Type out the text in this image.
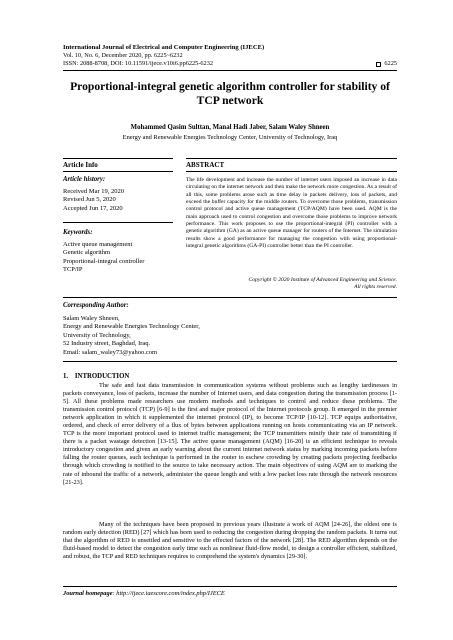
International Journal of Electrical and Computer Engineering (IJECE)
Vol. 10, No. 6, December 2020, pp. 6225~6232
ISSN: 2088-8708, DOI: 10.11591/ijece.v10i6.pp6225-6232	6225
Proportional-integral genetic algorithm controller for stability of TCP network
Mohammed Qasim Sulttan, Manal Hadi Jaber, Salam Waley Shneen
Energy and Renewable Energies Technology Center, University of Technology, Iraq
Article Info
Article history:
Received Mar 19, 2020
Revised Jun 5, 2020
Accepted Jun 17, 2020
Keywords:
Active queue management
Genetic algorithm
Proportional-integral controller
TCP/IP
ABSTRACT
The life development and increase the number of internet users imposed an increase in data circulating on the internet network and then make the network more congestion. As a result of all this, some problems arose such as time delay in packets delivery, loss of packets, and exceed the buffer capacity for the middle routers. To overcome those problems, transmission control protocol and active queue management (TCP/AQM) have been used. AQM is the main approach used to control congestion and overcome those problems to improve network performance. This work proposes to use the proportional-integral (PI) controller with a genetic algorithm (GA) as an active queue manager for routers of the Internet. The simulation results show a good performance for managing the congestion with using proportional-integral genetic algorithms (GA-PI) controller better than the PI controller.
Copyright © 2020 Institute of Advanced Engineering and Science.
All rights reserved.
Corresponding Author:
Salam Waley Shneen,
Energy and Renewable Energies Technology Center,
University of Technology,
52 Industry street, Baghdad, Iraq.
Email: salam_waley73@yahoo.com
1.    INTRODUCTION
The safe and fast data transmission in communication systems without problems such as lengthy tardinesses in packets conveyance, loss of packets, increase the number of Internet users, and data congestion during the transmission process [1-5]. All these problems made researchers use modern methods and techniques to control and reduce these problems. The transmission control protocol (TCP) [6-9] is the first and major protocol of the Internet protocols group. It emerged in the premier network application in which it supplemented the internet protocol (IP), to become TCP/IP [10-12]. TCP equips authoritative, ordered, and check of error delivery of a flux of bytes between applications running on hosts communicating via an IP network. TCP is the more important protocol used to internet traffic management; the TCP transmitters minify their rate of transmitting if there is a packet wastage detection [13-15]. The active queue management (AQM) [16-20] is an efficient technique to reveals introductory congestion and given an early warning about the current internet network status by marking incoming packets before falling the router queues, such technique is performed in the router to eschew crowding by creating packets projecting feedbacks through which crowding is notified to the source to take necessary action. The main objectives of using AQM are to marking the rate of inbound the traffic of a network, administer the queue length and with a low packet loss rate through the network resources [21-23].
Many of the techniques have been proposed in previous years illustrate a work of AQM [24-26], the oldest one is random early detection (RED) [27] which has been used to reducing the congestion during dropping the random packets. It turns out that the algorithm of RED is unsettled and sensitive to the effected factors of the network [28]. The RED algorithm depends on the fluid-based model to detect the congestion early time such as nonlinear fluid-flow model, to design a controller efficient, stabilized, and robust, the TCP and RED techniques requires to comprehend the system's dynamics [29-30].
Journal homepage: http://ijece.iaescore.com/index.php/IJECE
